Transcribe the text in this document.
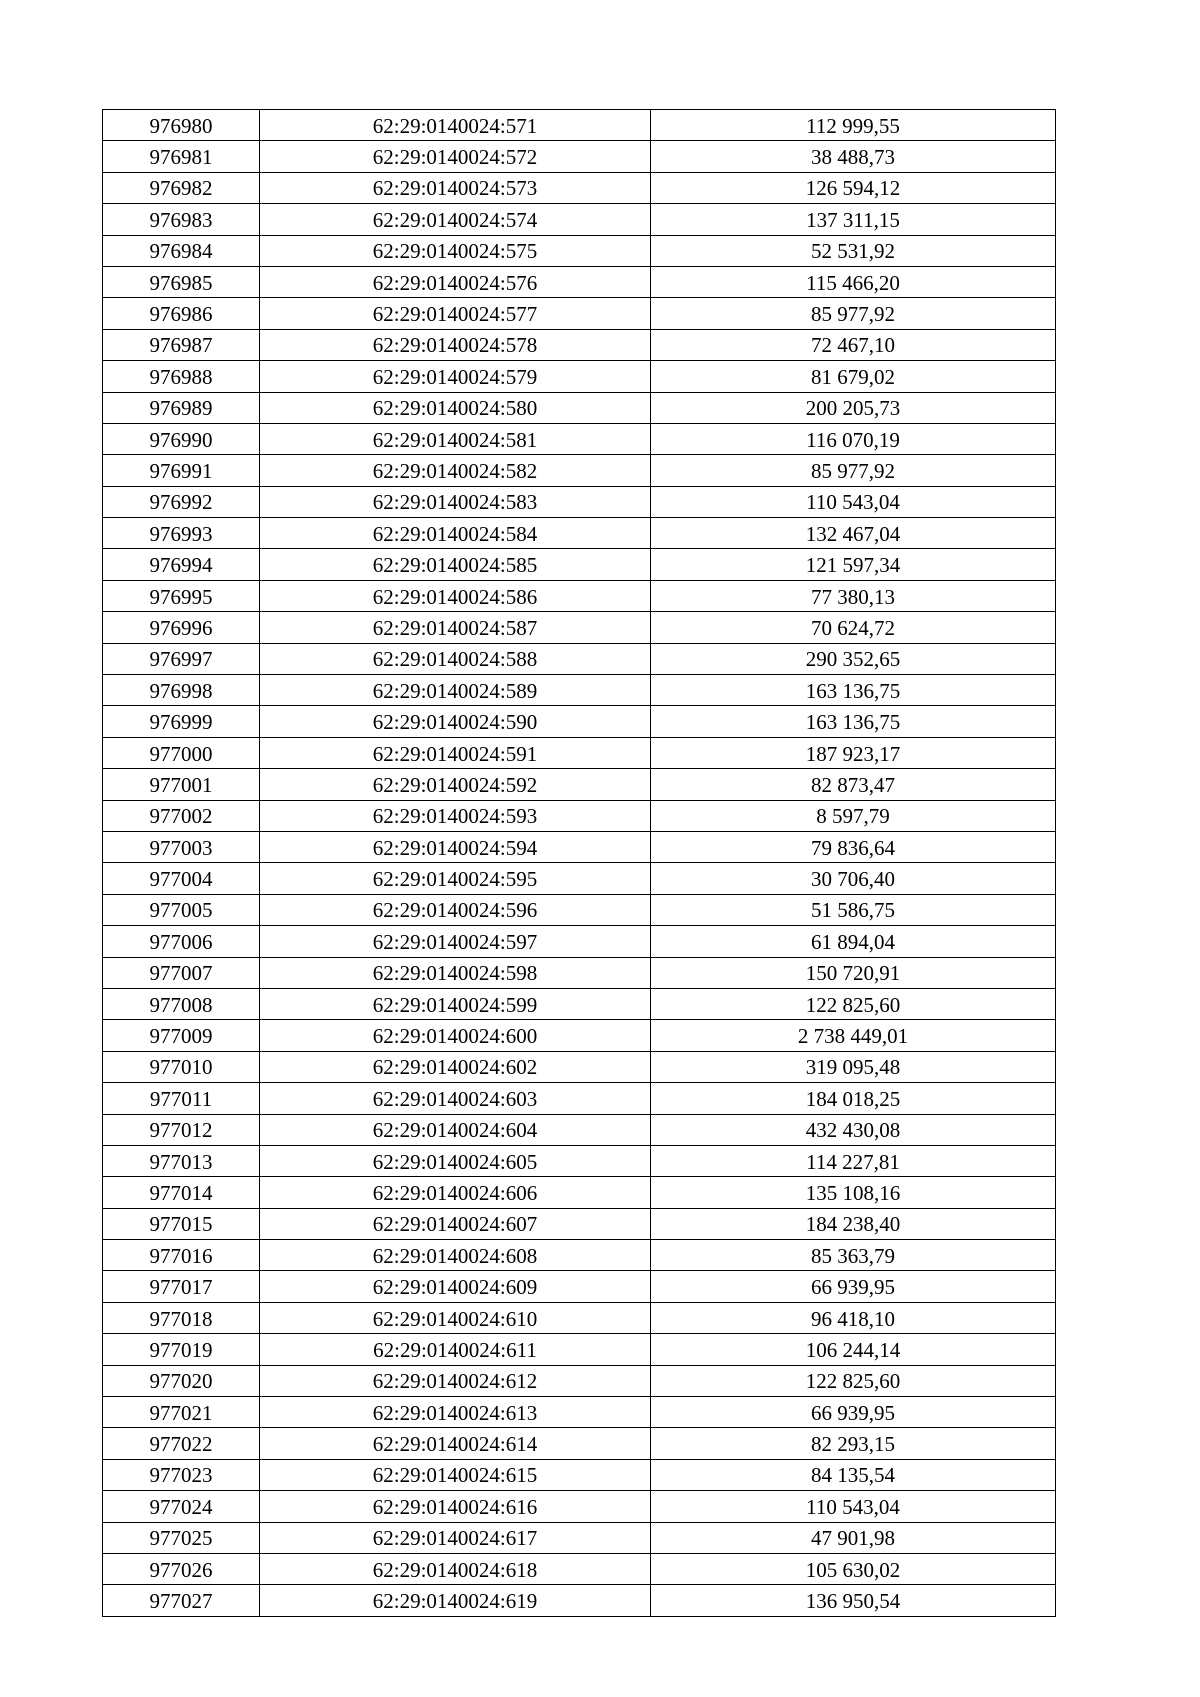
976980	62:29:0140024:571	112 999,55
976981	62:29:0140024:572	38 488,73
976982	62:29:0140024:573	126 594,12
976983	62:29:0140024:574	137 311,15
976984	62:29:0140024:575	52 531,92
976985	62:29:0140024:576	115 466,20
976986	62:29:0140024:577	85 977,92
976987	62:29:0140024:578	72 467,10
976988	62:29:0140024:579	81 679,02
976989	62:29:0140024:580	200 205,73
976990	62:29:0140024:581	116 070,19
976991	62:29:0140024:582	85 977,92
976992	62:29:0140024:583	110 543,04
976993	62:29:0140024:584	132 467,04
976994	62:29:0140024:585	121 597,34
976995	62:29:0140024:586	77 380,13
976996	62:29:0140024:587	70 624,72
976997	62:29:0140024:588	290 352,65
976998	62:29:0140024:589	163 136,75
976999	62:29:0140024:590	163 136,75
977000	62:29:0140024:591	187 923,17
977001	62:29:0140024:592	82 873,47
977002	62:29:0140024:593	8 597,79
977003	62:29:0140024:594	79 836,64
977004	62:29:0140024:595	30 706,40
977005	62:29:0140024:596	51 586,75
977006	62:29:0140024:597	61 894,04
977007	62:29:0140024:598	150 720,91
977008	62:29:0140024:599	122 825,60
977009	62:29:0140024:600	2 738 449,01
977010	62:29:0140024:602	319 095,48
977011	62:29:0140024:603	184 018,25
977012	62:29:0140024:604	432 430,08
977013	62:29:0140024:605	114 227,81
977014	62:29:0140024:606	135 108,16
977015	62:29:0140024:607	184 238,40
977016	62:29:0140024:608	85 363,79
977017	62:29:0140024:609	66 939,95
977018	62:29:0140024:610	96 418,10
977019	62:29:0140024:611	106 244,14
977020	62:29:0140024:612	122 825,60
977021	62:29:0140024:613	66 939,95
977022	62:29:0140024:614	82 293,15
977023	62:29:0140024:615	84 135,54
977024	62:29:0140024:616	110 543,04
977025	62:29:0140024:617	47 901,98
977026	62:29:0140024:618	105 630,02
977027	62:29:0140024:619	136 950,54
